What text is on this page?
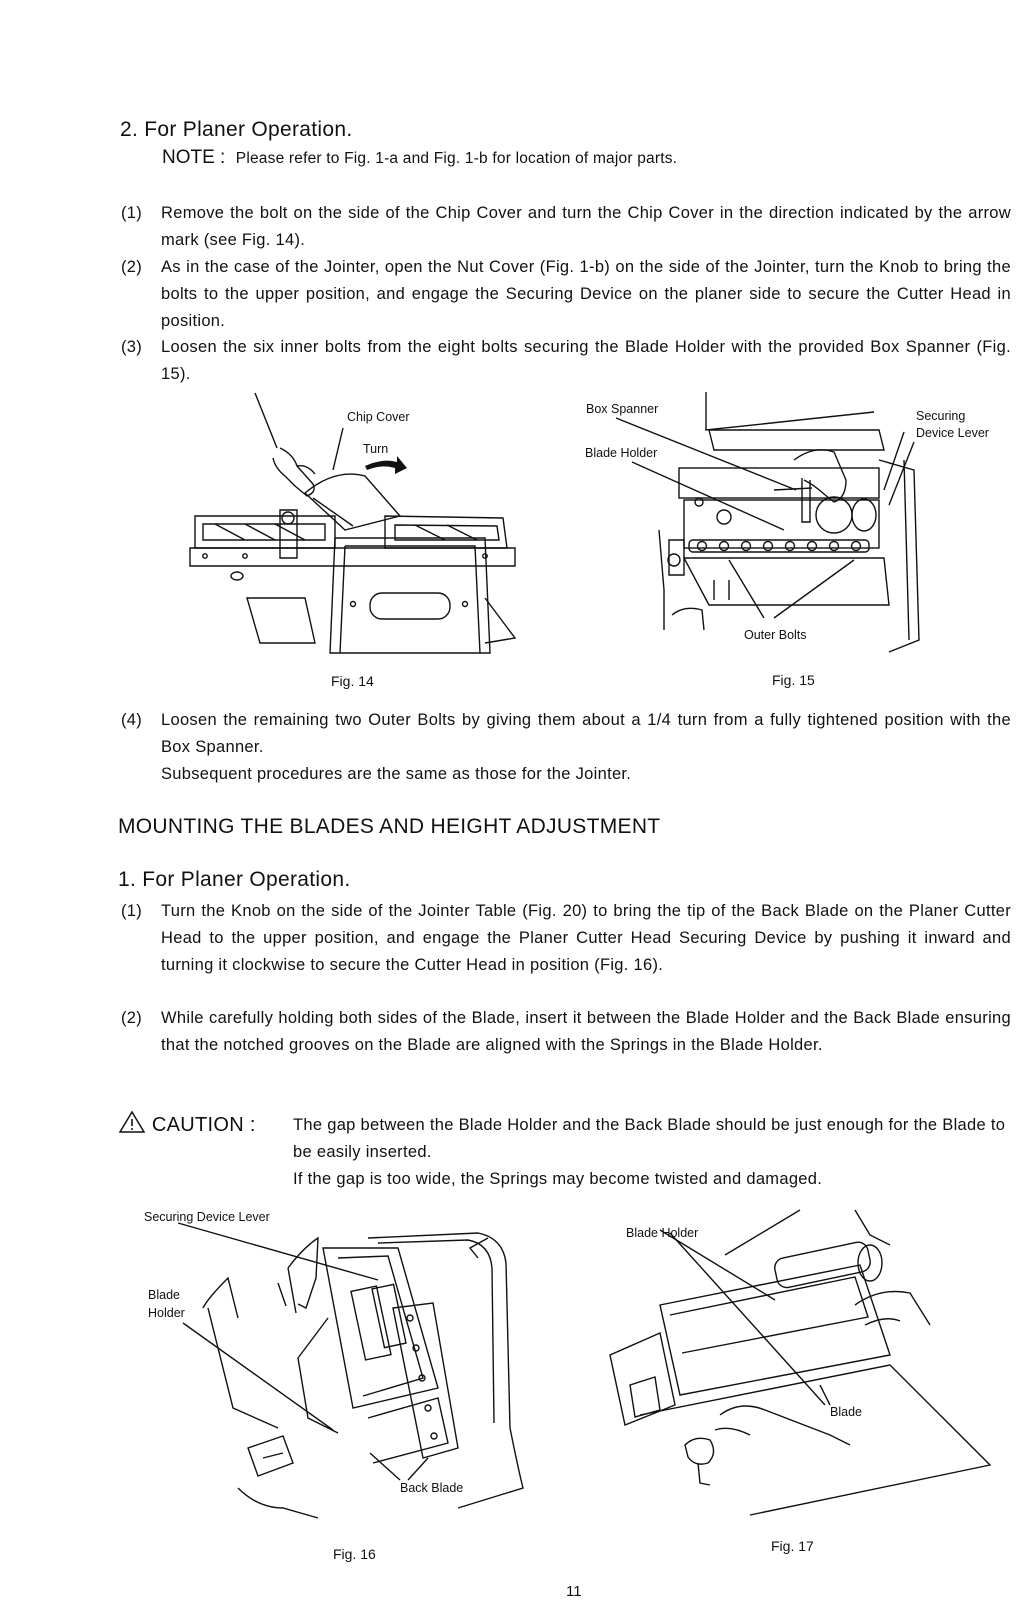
2. For Planer Operation.
NOTE : Please refer to Fig. 1-a and Fig. 1-b for location of major parts.
(1)	Remove the bolt on the side of the Chip Cover and turn the Chip Cover in the direction indicated by the arrow mark (see Fig. 14).
(2)	As in the case of the Jointer, open the Nut Cover (Fig. 1-b) on the side of the Jointer, turn the Knob to bring the bolts to the upper position, and engage the Securing Device on the planer side to secure the Cutter Head in position.
(3)	Loosen the six inner bolts from the eight bolts securing the Blade Holder with the provided Box Spanner (Fig. 15).
Chip Cover
Turn
Fig. 14
Box Spanner
Blade Holder
Securing
Device Lever
Outer Bolts
Fig. 15
(4)	Loosen the remaining two Outer Bolts by giving them about a 1/4 turn from a fully tightened position with the Box Spanner.
Subsequent procedures are the same as those for the Jointer.
MOUNTING THE BLADES AND HEIGHT ADJUSTMENT
1. For Planer Operation.
(1)	Turn the Knob on the side of the Jointer Table (Fig. 20) to bring the tip of the Back Blade on the Planer Cutter Head to the upper position, and engage the Planer Cutter Head Securing Device by pushing it inward and turning it clockwise to secure the Cutter Head in position (Fig. 16).
(2)	While carefully holding both sides of the Blade, insert it between the Blade Holder and the Back Blade ensuring that the notched grooves on the Blade are aligned with the Springs in the Blade Holder.
CAUTION : The gap between the Blade Holder and the Back Blade should be just enough for the Blade to be easily inserted.
If the gap is too wide, the Springs may become twisted and damaged.
Securing Device Lever
Blade
Holder
Back Blade
Fig. 16
Blade Holder
Blade
Fig. 17
11
